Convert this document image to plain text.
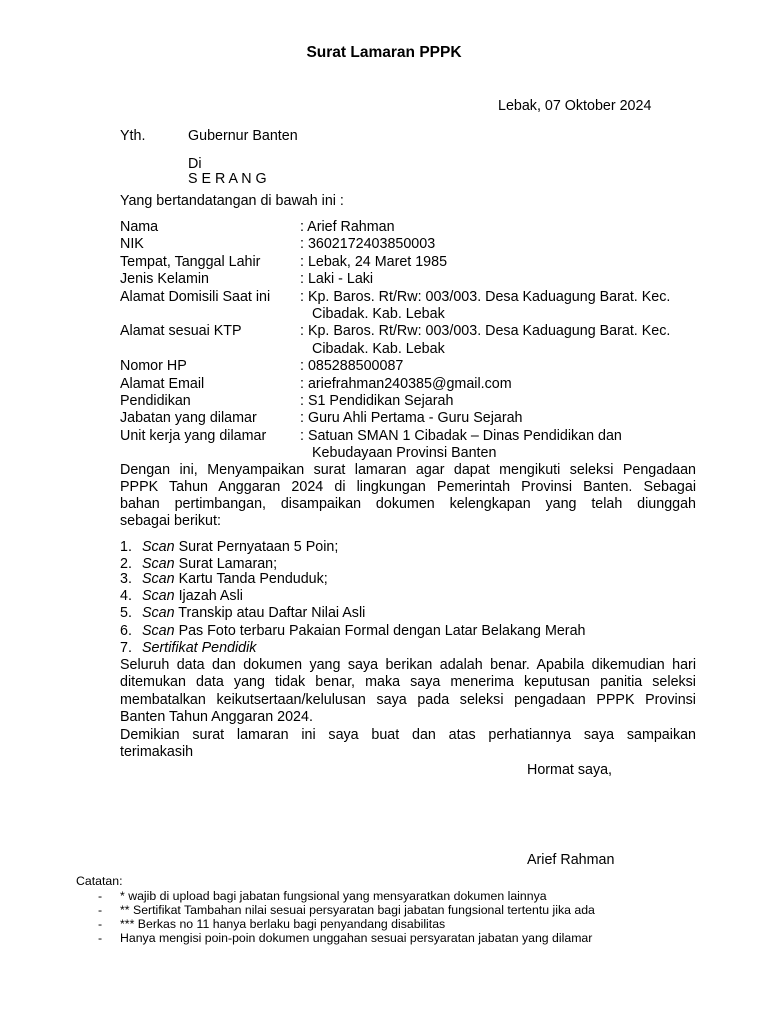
Surat Lamaran PPPK
Lebak, 07 Oktober 2024
Yth.	Gubernur Banten
Di
S E R A N G
Yang bertandatangan di bawah ini :
Nama	: Arief Rahman
NIK	: 3602172403850003
Tempat, Tanggal Lahir	: Lebak, 24 Maret 1985
Jenis Kelamin	: Laki - Laki
Alamat Domisili Saat ini : Kp. Baros. Rt/Rw: 003/003. Desa Kaduagung Barat. Kec.
Cibadak. Kab. Lebak
Alamat sesuai KTP	: Kp. Baros. Rt/Rw: 003/003. Desa Kaduagung Barat. Kec.
Cibadak. Kab. Lebak
Nomor HP	: 085288500087
Alamat Email	: ariefrahman240385@gmail.com
Pendidikan	: S1 Pendidikan Sejarah
Jabatan yang dilamar	: Guru Ahli Pertama - Guru Sejarah
Unit kerja yang dilamar : Satuan SMAN 1 Cibadak – Dinas Pendidikan dan
Kebudayaan Provinsi Banten
Dengan ini, Menyampaikan surat lamaran agar dapat mengikuti seleksi Pengadaan
PPPK Tahun Anggaran 2024 di lingkungan Pemerintah Provinsi Banten. Sebagai
bahan pertimbangan, disampaikan dokumen kelengkapan yang telah diunggah
sebagai berikut:
1. Scan Surat Pernyataan 5 Poin;
2. Scan Surat Lamaran;
3. Scan Kartu Tanda Penduduk;
4. Scan Ijazah Asli
5. Scan Transkip atau Daftar Nilai Asli
6. Scan Pas Foto terbaru Pakaian Formal dengan Latar Belakang Merah
7. Sertifikat Pendidik
Seluruh data dan dokumen yang saya berikan adalah benar. Apabila dikemudian hari
ditemukan data yang tidak benar, maka saya menerima keputusan panitia seleksi
membatalkan keikutsertaan/kelulusan saya pada seleksi pengadaan PPPK Provinsi
Banten Tahun Anggaran 2024.
Demikian surat lamaran ini saya buat dan atas perhatiannya saya sampaikan
terimakasih
Hormat saya,
Arief Rahman
Catatan:
- * wajib di upload bagi jabatan fungsional yang mensyaratkan dokumen lainnya
- ** Sertifikat Tambahan nilai sesuai persyaratan bagi jabatan fungsional tertentu jika ada
- *** Berkas no 11 hanya berlaku bagi penyandang disabilitas
- Hanya mengisi poin-poin dokumen unggahan sesuai persyaratan jabatan yang dilamar
